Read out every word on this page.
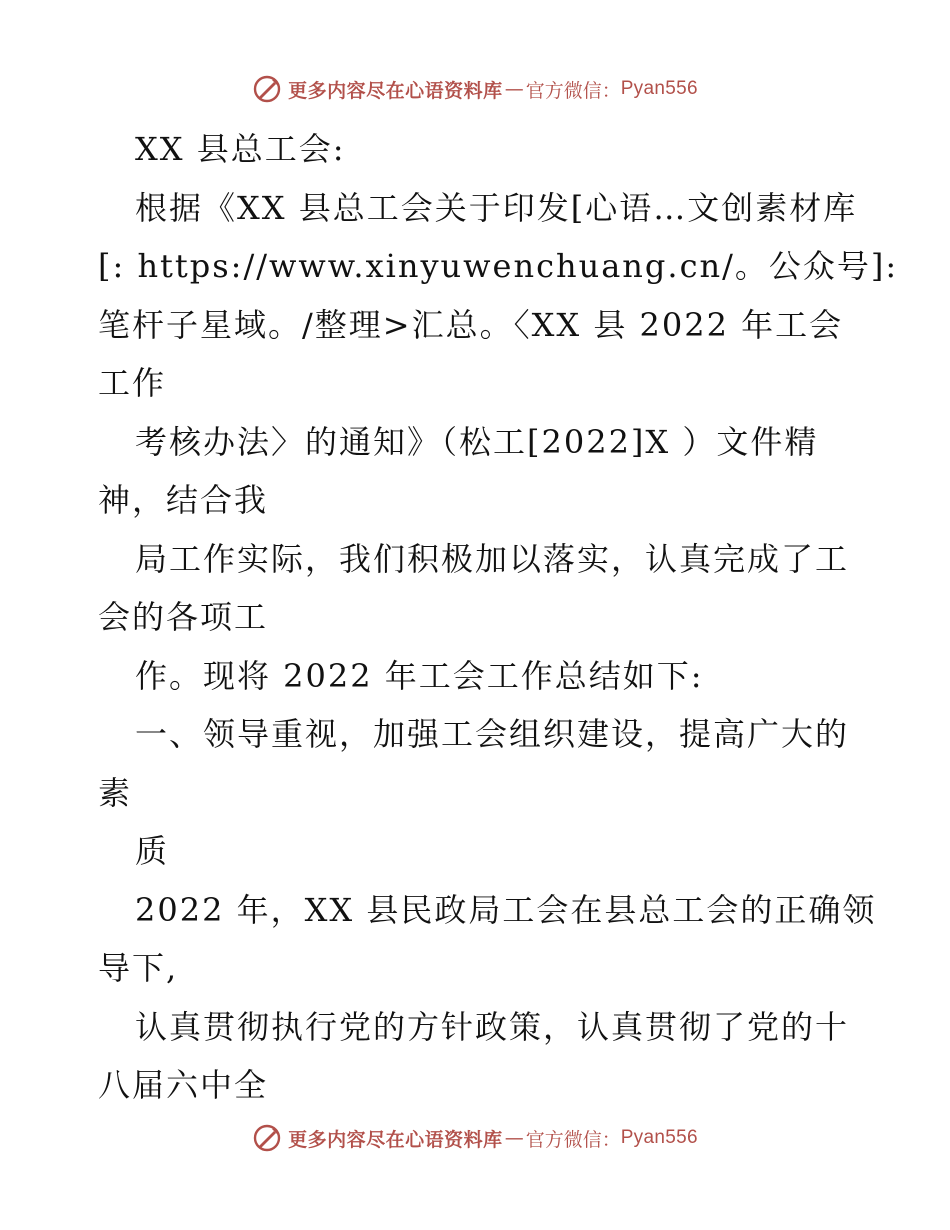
更多内容尽在心语资料库 — 官方微信： Pyan556
XX 县总工会:
根据《XX 县总工会关于印发[心语…文创素材库
[: https://www.xinyuwenchuang.cn/。公众号]:
笔杆子星域。/整理>汇总。〈XX 县 2022 年工会
工作
考核办法〉的通知》（松工[2022]X ）文件精
神，结合我
局工作实际，我们积极加以落实，认真完成了工
会的各项工
作。现将 2022 年工会工作总结如下:
一、领导重视，加强工会组织建设，提高广大的
素
质
2022 年，XX 县民政局工会在县总工会的正确领
导下,
认真贯彻执行党的方针政策，认真贯彻了党的十
八届六中全
更多内容尽在心语资料库 — 官方微信： Pyan556
